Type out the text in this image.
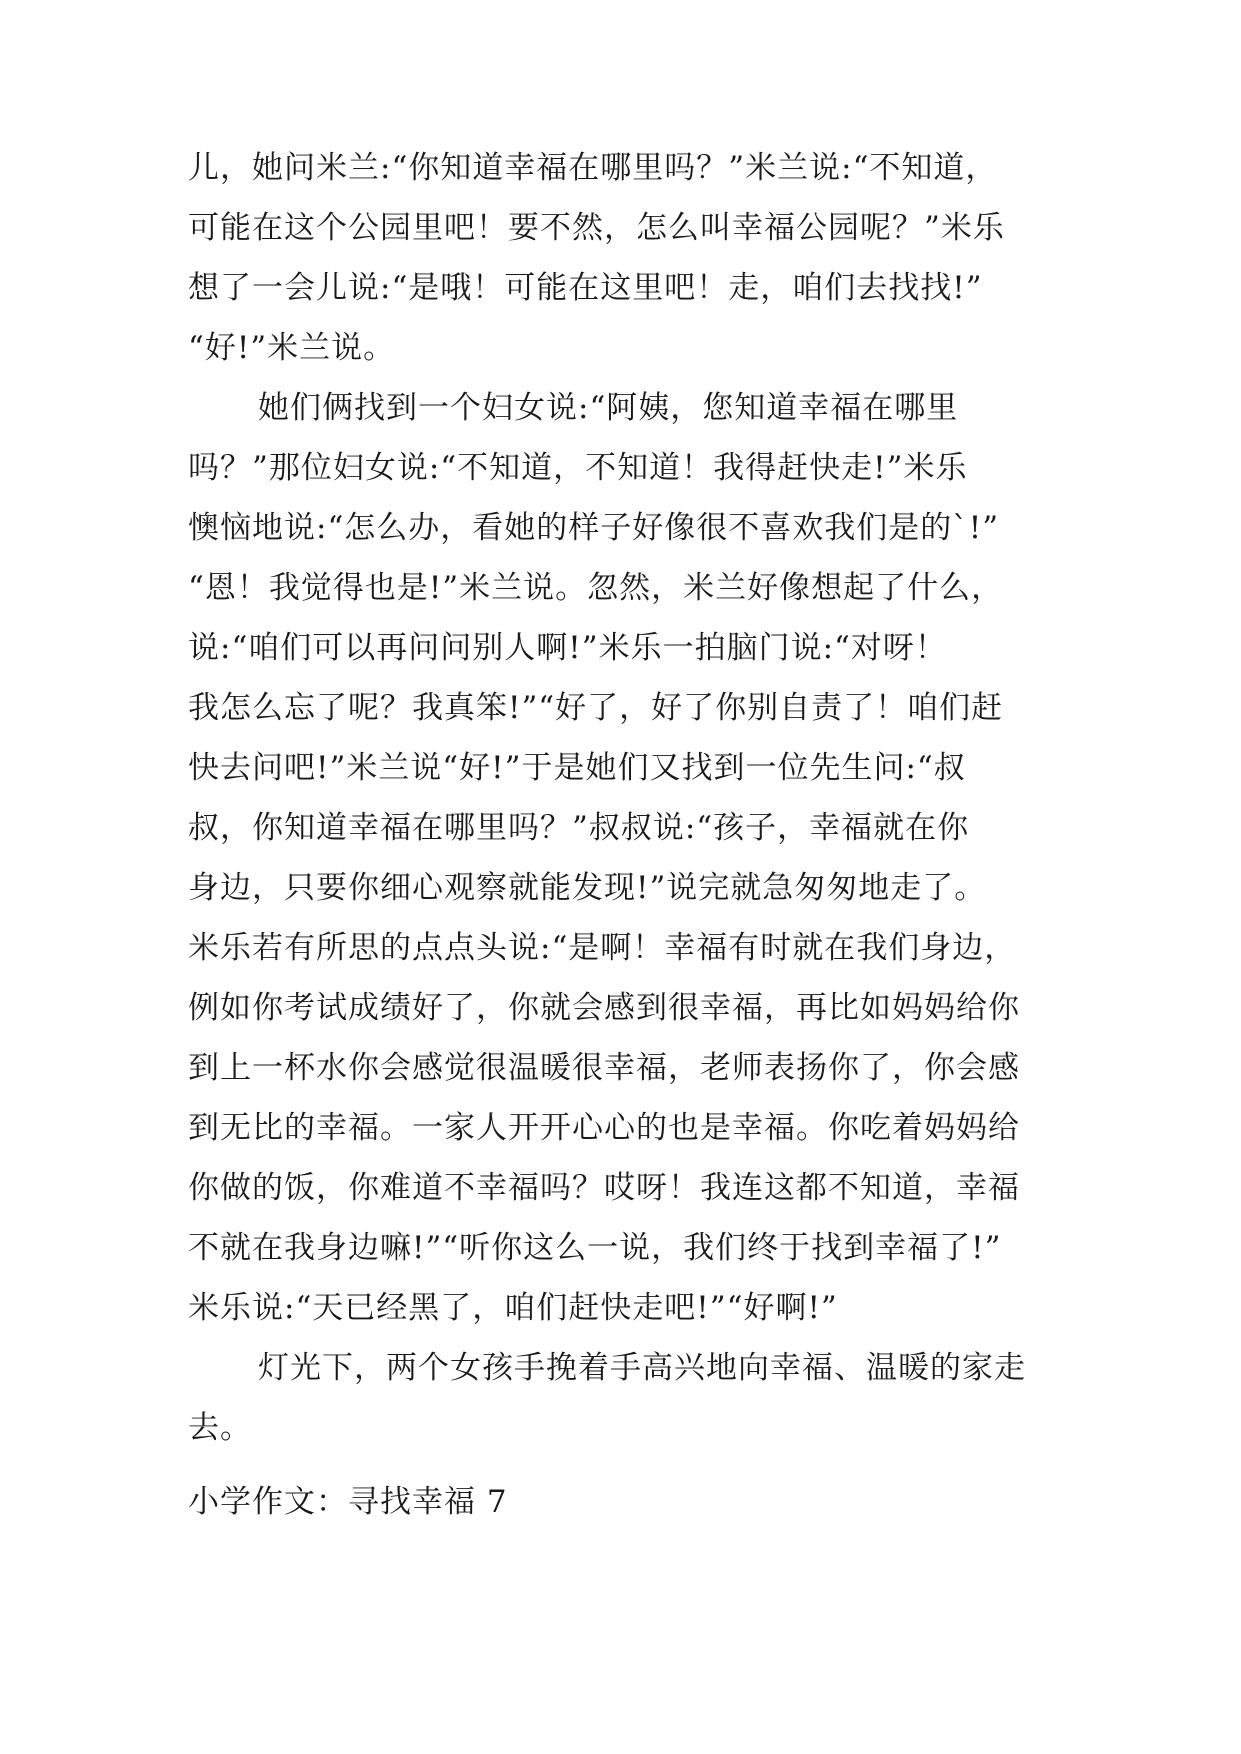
儿，她问米兰:“你知道幸福在哪里吗？”米兰说:“不知道，
可能在这个公园里吧！要不然，怎么叫幸福公园呢？”米乐
想了一会儿说:“是哦！可能在这里吧！走，咱们去找找!”
“好!”米兰说。
她们俩找到一个妇女说:“阿姨，您知道幸福在哪里
吗？”那位妇女说:“不知道，不知道！我得赶快走!”米乐
懊恼地说:“怎么办，看她的样子好像很不喜欢我们是的`!”
“恩！我觉得也是!”米兰说。忽然，米兰好像想起了什么，
说:“咱们可以再问问别人啊!”米乐一拍脑门说:“对呀！
我怎么忘了呢？我真笨!”“好了，好了你别自责了！咱们赶
快去问吧!”米兰说“好!”于是她们又找到一位先生问:“叔
叔，你知道幸福在哪里吗？”叔叔说:“孩子，幸福就在你
身边，只要你细心观察就能发现!”说完就急匆匆地走了。
米乐若有所思的点点头说:“是啊！幸福有时就在我们身边，
例如你考试成绩好了，你就会感到很幸福，再比如妈妈给你
到上一杯水你会感觉很温暖很幸福，老师表扬你了，你会感
到无比的幸福。一家人开开心心的也是幸福。你吃着妈妈给
你做的饭，你难道不幸福吗？哎呀！我连这都不知道，幸福
不就在我身边嘛!”“听你这么一说，我们终于找到幸福了!”
米乐说:“天已经黑了，咱们赶快走吧!”“好啊!”
灯光下，两个女孩手挽着手高兴地向幸福、温暖的家走
去。
小学作文：寻找幸福 7
